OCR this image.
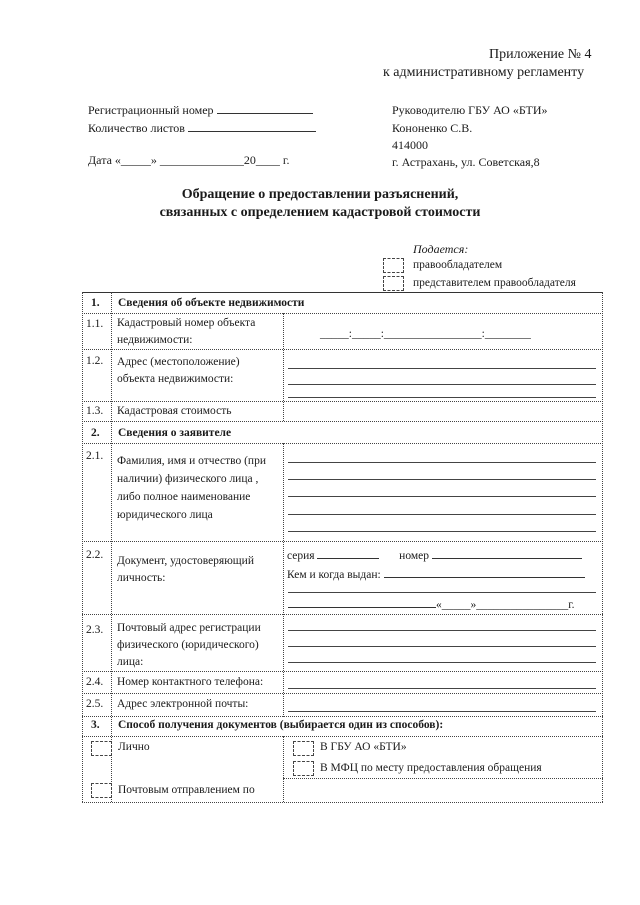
Приложение № 4
к административному регламенту
Регистрационный номер
Количество листов
Дата «_____» ______________20____ г.
Руководителю ГБУ АО «БТИ»
Кононенко С.В.
414000
г. Астрахань, ул. Советская,8
Обращение о предоставлении разъяснений,
связанных с определением кадастровой стоимости
Подается:
правообладателем
представителем правообладателя
1. Сведения об объекте недвижимости
1.1. Кадастровый номер объекта недвижимости:	_____:_____:_________________:________
1.2. Адрес (местоположение) объекта недвижимости:
1.3. Кадастровая стоимость
2. Сведения о заявителе
2.1. Фамилия, имя и отчество (при наличии) физического лица , либо полное наименование юридического лица
2.2. Документ, удостоверяющий личность:
серия	номер
Кем и когда выдан:
«_____»________________г.
2.3. Почтовый адрес регистрации физического (юридического) лица:
2.4. Номер контактного телефона:
2.5. Адрес электронной почты:
3. Способ получения документов (выбирается один из способов):
Лично	В ГБУ АО «БТИ»
В МФЦ по месту предоставления обращения
Почтовым отправлением по
